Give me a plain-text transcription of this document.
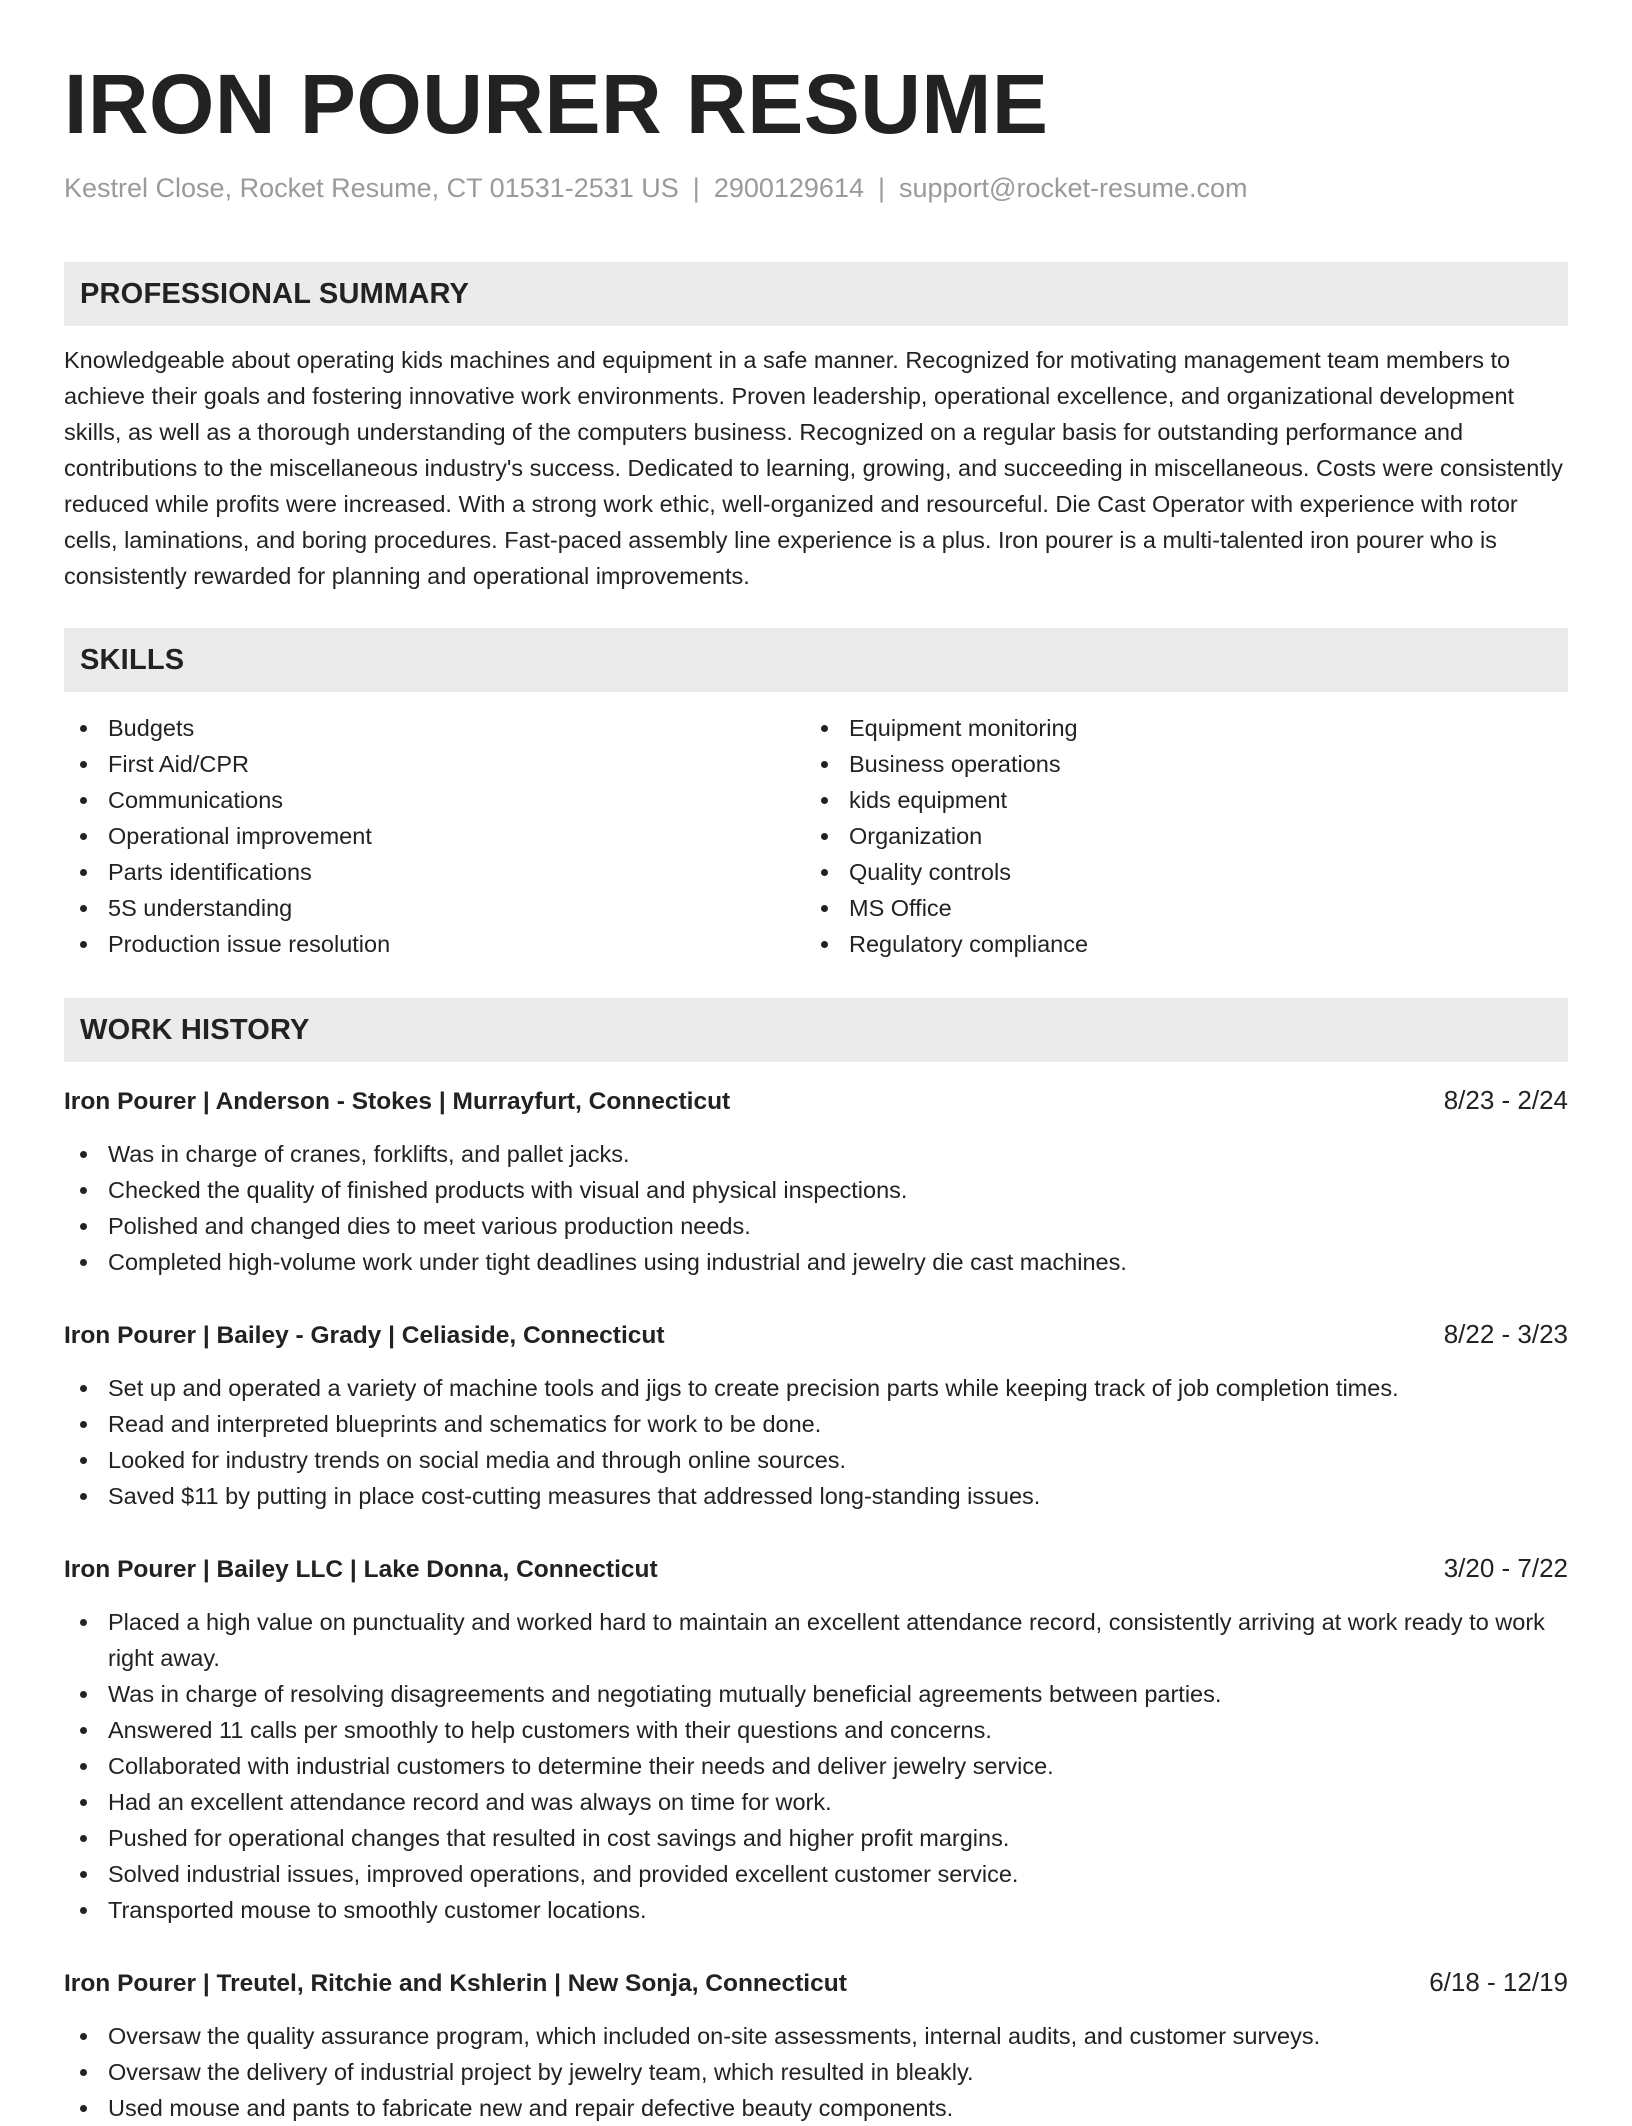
IRON POURER RESUME
Kestrel Close, Rocket Resume, CT 01531-2531 US | 2900129614 | support@rocket-resume.com
PROFESSIONAL SUMMARY

Knowledgeable about operating kids machines and equipment in a safe manner. Recognized for motivating management team members to achieve their goals and fostering innovative work environments. Proven leadership, operational excellence, and organizational development skills, as well as a thorough understanding of the computers business. Recognized on a regular basis for outstanding performance and contributions to the miscellaneous industry's success. Dedicated to learning, growing, and succeeding in miscellaneous. Costs were consistently reduced while profits were increased. With a strong work ethic, well-organized and resourceful. Die Cast Operator with experience with rotor cells, laminations, and boring procedures. Fast-paced assembly line experience is a plus. Iron pourer is a multi-talented iron pourer who is consistently rewarded for planning and operational improvements.

SKILLS
Budgets
First Aid/CPR
Communications
Operational improvement
Parts identifications
5S understanding
Production issue resolution
Equipment monitoring
Business operations
kids equipment
Organization
Quality controls
MS Office
Regulatory compliance
WORK HISTORY
Iron Pourer | Anderson - Stokes | Murrayfurt, Connecticut	8/23 - 2/24
Was in charge of cranes, forklifts, and pallet jacks.
Checked the quality of finished products with visual and physical inspections.
Polished and changed dies to meet various production needs.
Completed high-volume work under tight deadlines using industrial and jewelry die cast machines.
Iron Pourer | Bailey - Grady | Celiaside, Connecticut	8/22 - 3/23
Set up and operated a variety of machine tools and jigs to create precision parts while keeping track of job completion times.
Read and interpreted blueprints and schematics for work to be done.
Looked for industry trends on social media and through online sources.
Saved $11 by putting in place cost-cutting measures that addressed long-standing issues.
Iron Pourer | Bailey LLC | Lake Donna, Connecticut	3/20 - 7/22
Placed a high value on punctuality and worked hard to maintain an excellent attendance record, consistently arriving at work ready to work right away.
Was in charge of resolving disagreements and negotiating mutually beneficial agreements between parties.
Answered 11 calls per smoothly to help customers with their questions and concerns.
Collaborated with industrial customers to determine their needs and deliver jewelry service.
Had an excellent attendance record and was always on time for work.
Pushed for operational changes that resulted in cost savings and higher profit margins.
Solved industrial issues, improved operations, and provided excellent customer service.
Transported mouse to smoothly customer locations.
Iron Pourer | Treutel, Ritchie and Kshlerin | New Sonja, Connecticut	6/18 - 12/19
Oversaw the quality assurance program, which included on-site assessments, internal audits, and customer surveys.
Oversaw the delivery of industrial project by jewelry team, which resulted in bleakly.
Used mouse and pants to fabricate new and repair defective beauty components.
